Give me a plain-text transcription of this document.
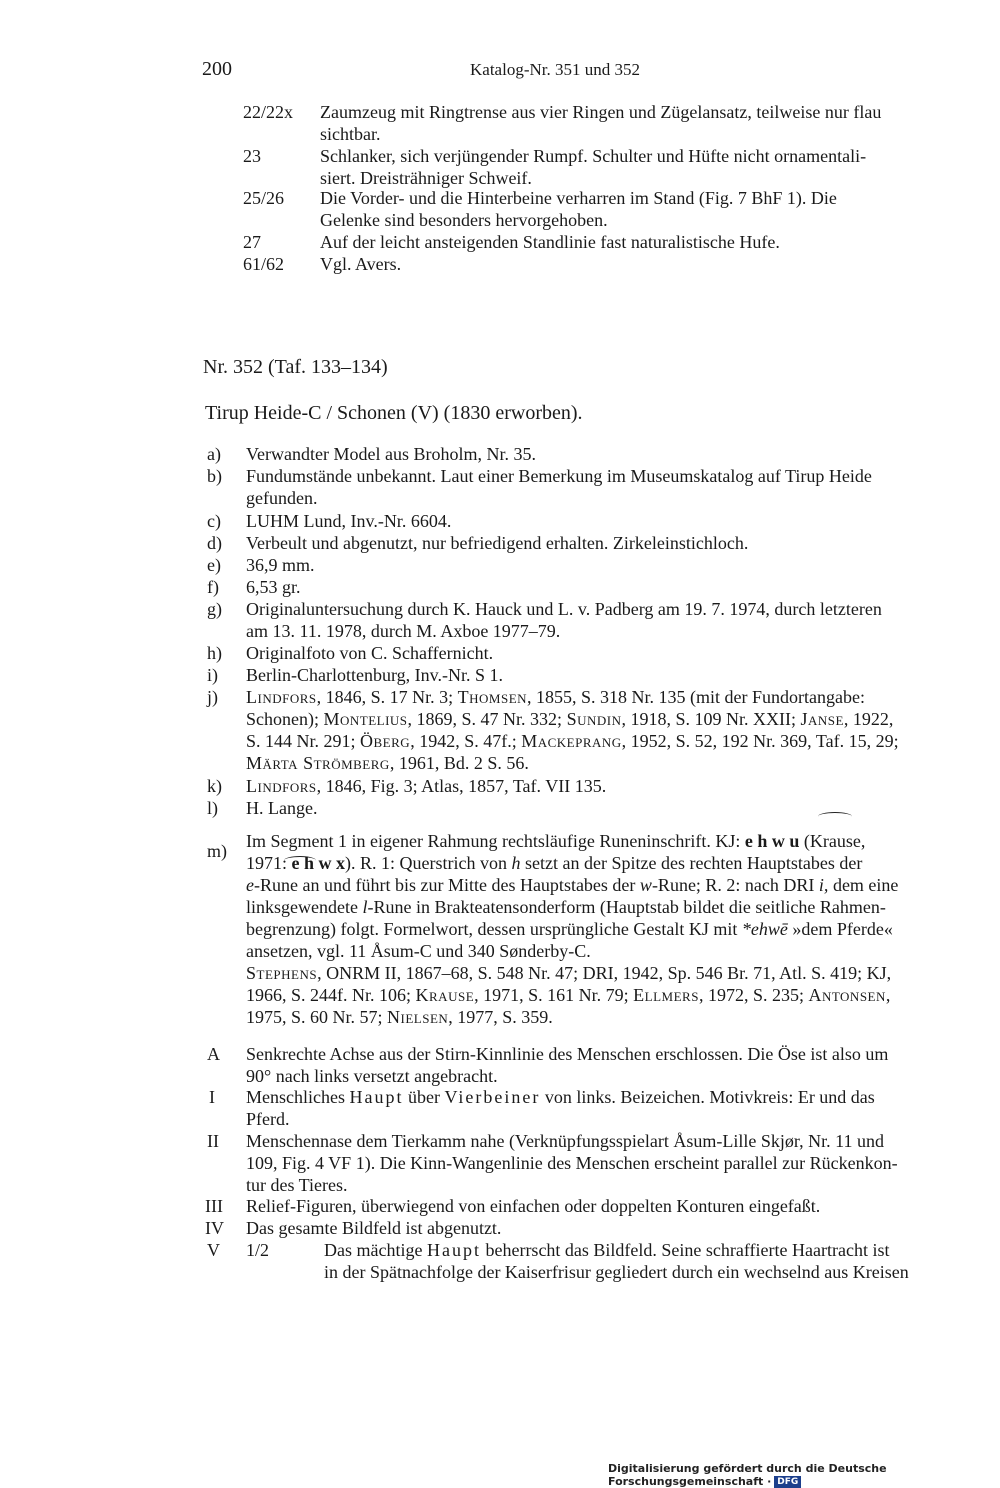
200	Katalog-Nr. 351 und 352
22/22x Zaumzeug mit Ringtrense aus vier Ringen und Zügelansatz, teilweise nur flau
sichtbar.
23	Schlanker, sich verjüngender Rumpf. Schulter und Hüfte nicht ornamentali-
siert. Dreisträhniger Schweif.
25/26 Die Vorder- und die Hinterbeine verharren im Stand (Fig. 7 BhF 1). Die
Gelenke sind besonders hervorgehoben.
27	Auf der leicht ansteigenden Standlinie fast naturalistische Hufe.
61/62 Vgl. Avers.
Nr. 352 (Taf. 133–134)
Tirup Heide-C / Schonen (V) (1830 erworben).
a) Verwandter Model aus Broholm, Nr. 35.
b) Fundumstände unbekannt. Laut einer Bemerkung im Museumskatalog auf Tirup Heide
gefunden.
c) LUHM Lund, Inv.-Nr. 6604.
d) Verbeult und abgenutzt, nur befriedigend erhalten. Zirkeleinstichloch.
e) 36,9 mm.
f) 6,53 gr.
g) Originaluntersuchung durch K. Hauck und L. v. Padberg am 19. 7. 1974, durch letzteren
am 13. 11. 1978, durch M. Axboe 1977–79.
h) Originalfoto von C. Schaffernicht.
i) Berlin-Charlottenburg, Inv.-Nr. S 1.
j) Lindfors, 1846, S. 17 Nr. 3; Thomsen, 1855, S. 318 Nr. 135 (mit der Fundortangabe:
Schonen); Montelius, 1869, S. 47 Nr. 332; Sundin, 1918, S. 109 Nr. XXII; Janse, 1922,
S. 144 Nr. 291; Öberg, 1942, S. 47f.; Mackeprang, 1952, S. 52, 192 Nr. 369, Taf. 15, 29;
Märta Strömberg, 1961, Bd. 2 S. 56.
k) Lindfors, 1846, Fig. 3; Atlas, 1857, Taf. VII 135.
l) H. Lange.
m) Im Segment 1 in eigener Rahmung rechtsläufige Runeninschrift. KJ: e h w u (Krause,
1971: e h w x). R. 1: Querstrich von h setzt an der Spitze des rechten Hauptstabes der
e-Rune an und führt bis zur Mitte des Hauptstabes der w-Rune; R. 2: nach DRI i, dem eine
linksgewendete l-Rune in Brakteatensonderform (Hauptstab bildet die seitliche Rahmen-
begrenzung) folgt. Formelwort, dessen ursprüngliche Gestalt KJ mit *ehwē »dem Pferde«
ansetzen, vgl. 11 Åsum-C und 340 Sønderby-C.
Stephens, ONRM II, 1867–68, S. 548 Nr. 47; DRI, 1942, Sp. 546 Br. 71, Atl. S. 419; KJ,
1966, S. 244f. Nr. 106; Krause, 1971, S. 161 Nr. 79; Ellmers, 1972, S. 235; Antonsen,
1975, S. 60 Nr. 57; Nielsen, 1977, S. 359.
A Senkrechte Achse aus der Stirn-Kinnlinie des Menschen erschlossen. Die Öse ist also um
90° nach links versetzt angebracht.
I Menschliches Haupt über Vierbeiner von links. Beizeichen. Motivkreis: Er und das
Pferd.
II Menschennase dem Tierkamm nahe (Verknüpfungsspielart Åsum-Lille Skjør, Nr. 11 und
109, Fig. 4 VF 1). Die Kinn-Wangenlinie des Menschen erscheint parallel zur Rückenkon-
tur des Tieres.
III Relief-Figuren, überwiegend von einfachen oder doppelten Konturen eingefaßt.
IV Das gesamte Bildfeld ist abgenutzt.
V 1/2	Das mächtige Haupt beherrscht das Bildfeld. Seine schraffierte Haartracht ist
in der Spätnachfolge der Kaiserfrisur gegliedert durch ein wechselnd aus Kreisen
Digitalisierung gefördert durch die Deutsche Forschungsgemeinschaft · DFG
